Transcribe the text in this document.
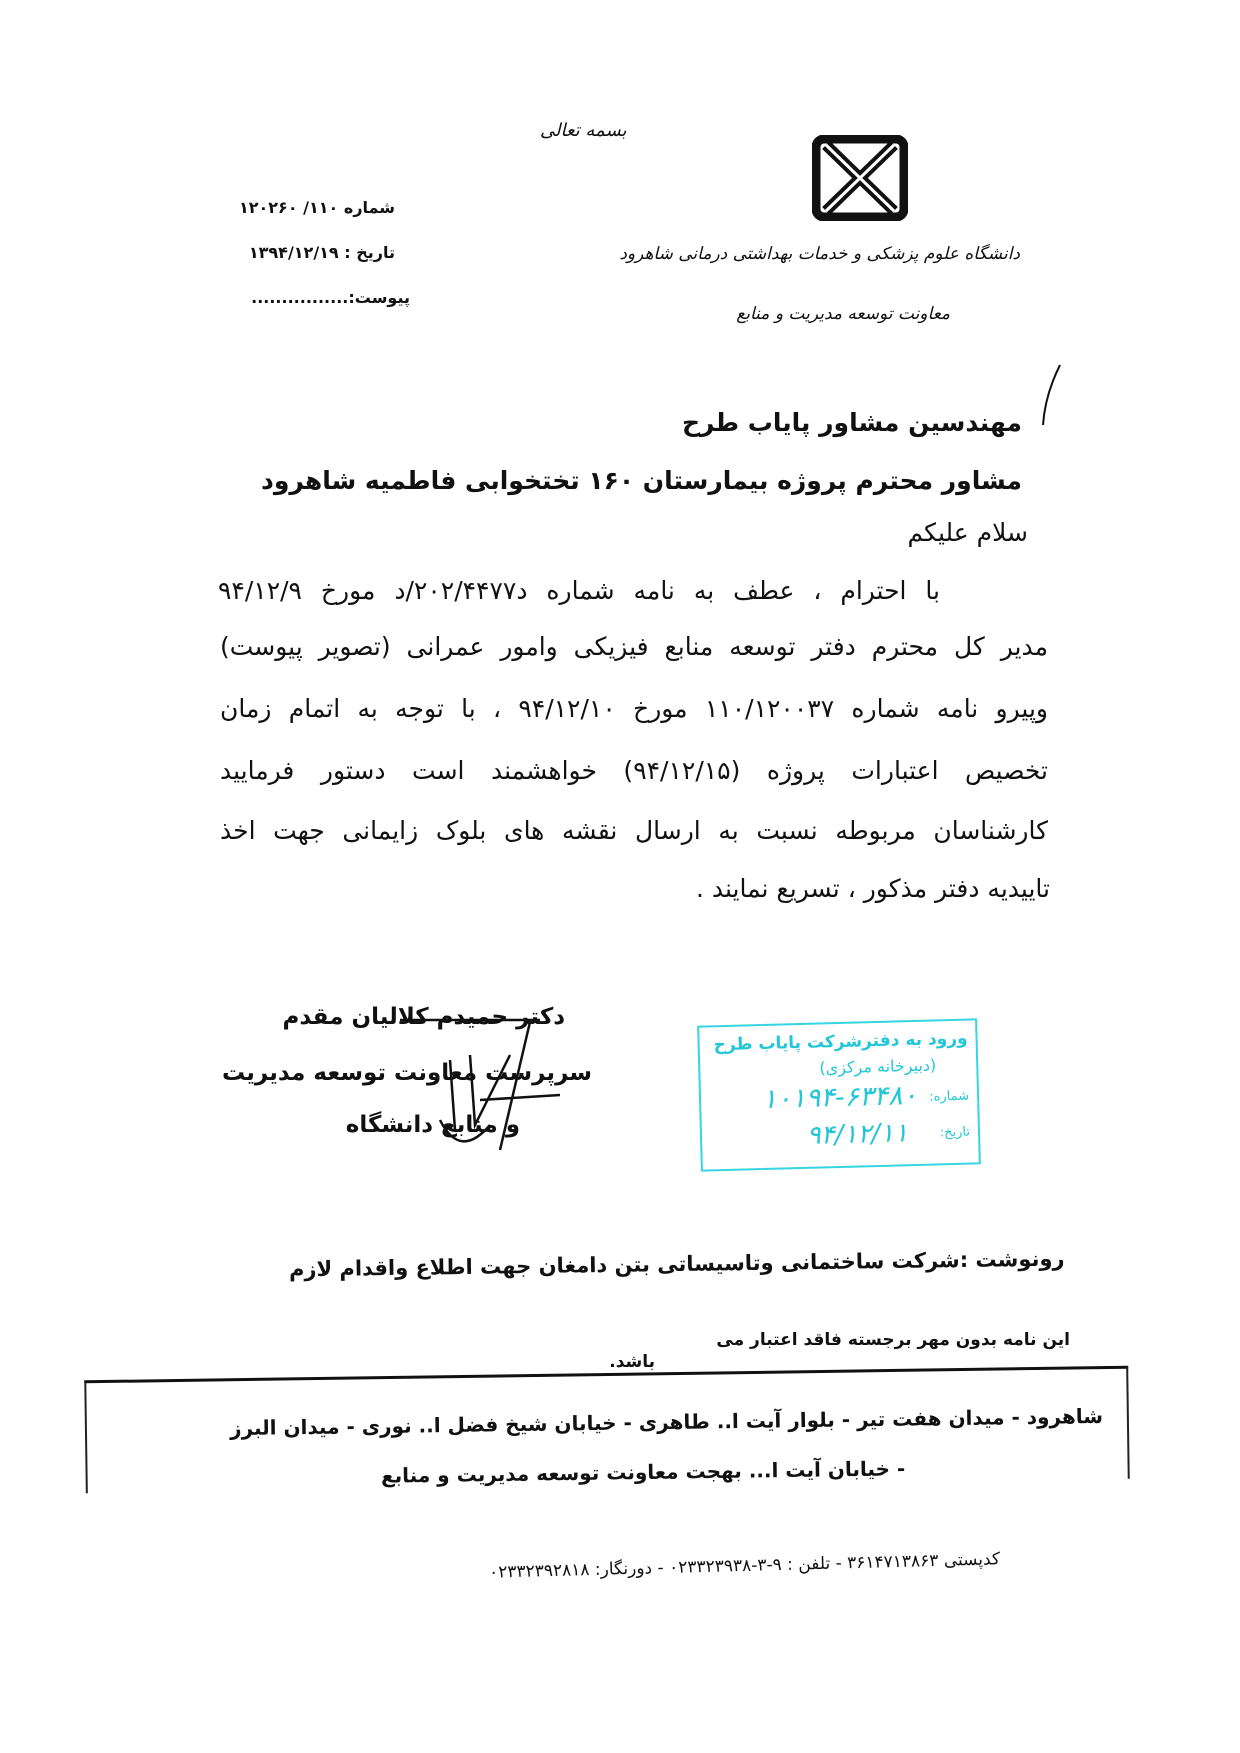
بسمه تعالی
دانشگاه علوم پزشکی و خدمات بهداشتی درمانی شاهرود
معاونت توسعه مدیریت و منابع
شماره ۱۱۰/ ۱۲۰۲۶۰
تاریخ : ۱۳۹۴/۱۲/۱۹
پیوست:................
مهندسین مشاور پایاب طرح
مشاور محترم پروژه بیمارستان ۱۶۰ تختخوابی فاطمیه شاهرود
سلام علیکم
با احترام ، عطف به نامه شماره د۲۰۲/۴۴۷۷/د مورخ ۹۴/۱۲/۹
مدیر کل محترم دفتر توسعه منابع فیزیکی وامور عمرانی (تصویر پیوست)
وپیرو نامه شماره ۱۱۰/۱۲۰۰۳۷ مورخ ۹۴/۱۲/۱۰ ، با توجه به اتمام زمان
تخصیص اعتبارات پروژه (۹۴/۱۲/۱۵) خواهشمند است دستور فرمایید
کارشناسان مربوطه نسبت به ارسال نقشه های بلوک زایمانی جهت اخذ
تاییدیه دفتر مذکور ، تسریع نمایند .
دکتر حمیدم کلالیان مقدم
سرپرست معاونت توسعه مدیریت
و منابع دانشگاه
ورود به دفترشرکت پایاب طرح
(دبیرخانه مرکزی)
شماره:
۱۰۱۹۴-۶۳۴۸۰
تاریخ:
۹۴/۱۲/۱۱
رونوشت :شرکت ساختمانی وتاسیساتی بتن دامغان جهت اطلاع واقدام لازم
این نامه بدون مهر برجسته فاقد اعتبار می
باشد.
شاهرود - میدان هفت تیر - بلوار آیت ا.. طاهری - خیابان شیخ فضل ا.. نوری - میدان البرز
- خیابان آیت ا... بهجت معاونت توسعه مدیریت و منابع
کدپستی ۳۶۱۴۷۱۳۸۶۳ - تلفن : ۹-۳-۰۲۳۳۲۳۹۳۸ - دورنگار: ۰۲۳۳۲۳۹۲۸۱۸
